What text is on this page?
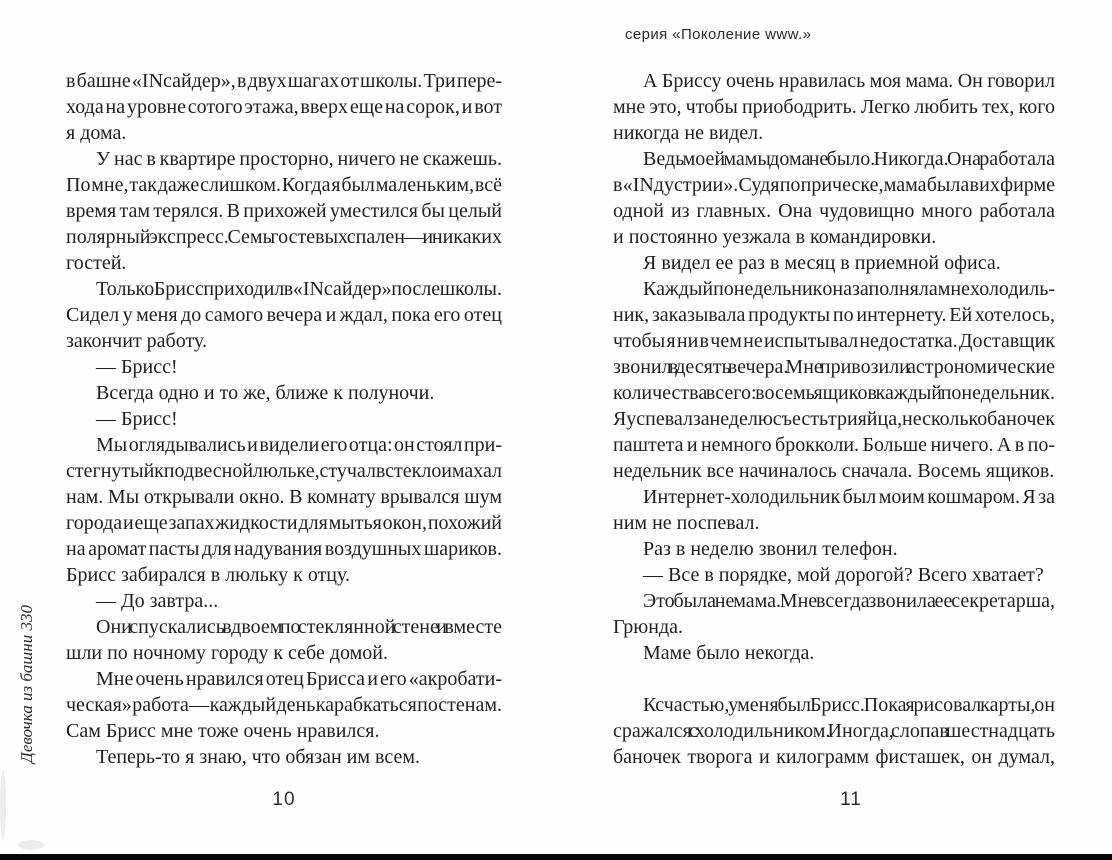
серия «Поколение www.»
Девочка из башни 330
в башне «INсайдер», в двух шагах от школы. Три пере-
хода на уровне сотого этажа, вверх еще на сорок, и вот
я дома.
У нас в квартире просторно, ничего не скажешь.
По мне, так даже слишком. Когда я был маленьким, всё
время там терялся. В прихожей уместился бы целый
полярный экспресс. Семь гостевых спален — и никаких
гостей.
Только Брисс приходил в «INсайдер» после школы.
Сидел у меня до самого вечера и ждал, пока его отец
закончит работу.
— Брисс!
Всегда одно и то же, ближе к полуночи.
— Брисс!
Мы оглядывались и видели его отца: он стоял при-
стегнутый к подвесной люльке, стучал в стекло и махал
нам. Мы открывали окно. В комнату врывался шум
города и еще запах жидкости для мытья окон, похожий
на аромат пасты для надувания воздушных шариков.
Брисс забирался в люльку к отцу.
— До завтра...
Они спускались вдвоем по стеклянной стене и вместе
шли по ночному городу к себе домой.
Мне очень нравился отец Брисса и его «акробати-
ческая» работа — каждый день карабкаться по стенам.
Сам Брисс мне тоже очень нравился.
Теперь-то я знаю, что обязан им всем.
А Бриссу очень нравилась моя мама. Он говорил
мне это, чтобы приободрить. Легко любить тех, кого
никогда не видел.
Ведь моей мамы дома не было. Никогда. Она работала
в «INдустрии». Судя по прическе, мама была в их фирме
одной из главных. Она чудовищно много работала
и постоянно уезжала в командировки.
Я видел ее раз в месяц в приемной офиса.
Каждый понедельник она заполняла мне холодиль-
ник, заказывала продукты по интернету. Ей хотелось,
чтобы я ни в чем не испытывал недостатка. Доставщик
звонил в десять вечера. Мне привозили астрономические
количества всего: восемь ящиков каждый понедельник.
Я успевал за неделю съесть три яйца, несколько баночек
паштета и немного брокколи. Больше ничего. А в по-
недельник все начиналось сначала. Восемь ящиков.
Интернет-холодильник был моим кошмаром. Я за
ним не поспевал.
Раз в неделю звонил телефон.
— Все в порядке, мой дорогой? Всего хватает?
Это была не мама. Мне всегда звонила ее секретарша,
Грюнда.
Маме было некогда.

К счастью, у меня был Брисс. Пока я рисовал карты, он
сражался с холодильником. Иногда, слопав шестнадцать
баночек творога и килограмм фисташек, он думал,
10	11
